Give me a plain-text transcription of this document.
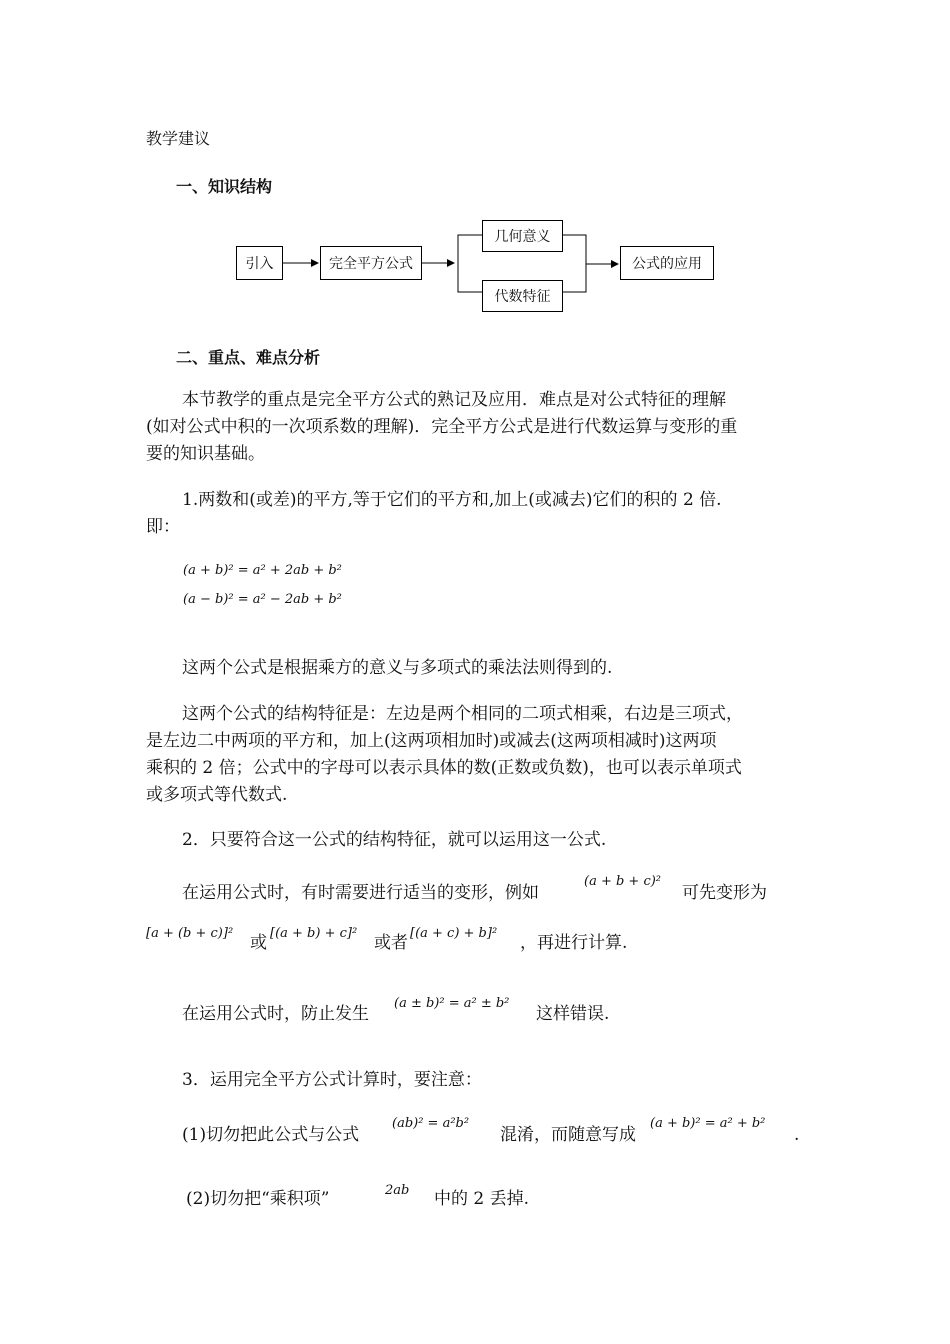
教学建议
一、知识结构
引入	完全平方公式
几何意义
代数特征
公式的应用
二、重点、难点分析
本节教学的重点是完全平方公式的熟记及应用．难点是对公式特征的理解
(如对公式中积的一次项系数的理解)．完全平方公式是进行代数运算与变形的重
要的知识基础。
1.两数和(或差)的平方,等于它们的平方和,加上(或减去)它们的积的 2 倍.
即：
(a + b)² = a² + 2ab + b²
(a − b)² = a² − 2ab + b²
这两个公式是根据乘方的意义与多项式的乘法法则得到的.
这两个公式的结构特征是：左边是两个相同的二项式相乘，右边是三项式，
是左边二中两项的平方和，加上(这两项相加时)或减去(这两项相减时)这两项
乘积的 2 倍；公式中的字母可以表示具体的数(正数或负数)，也可以表示单项式
或多项式等代数式.
2．只要符合这一公式的结构特征，就可以运用这一公式.
在运用公式时，有时需要进行适当的变形，例如
(a + b + c)²
可先变形为
[a + (b + c)]² 或 [(a + b) + c]² 或者 [(a + c) + b]² ，再进行计算.
在运用公式时，防止发生
(a ± b)² = a² ± b²
这样错误.
3．运用完全平方公式计算时，要注意：
(1)切勿把此公式与公式
(ab)² = a²b²
混淆，而随意写成
(a + b)² = a² + b²
.
(2)切勿把“乘积项”	2ab 中的 2 丢掉.
